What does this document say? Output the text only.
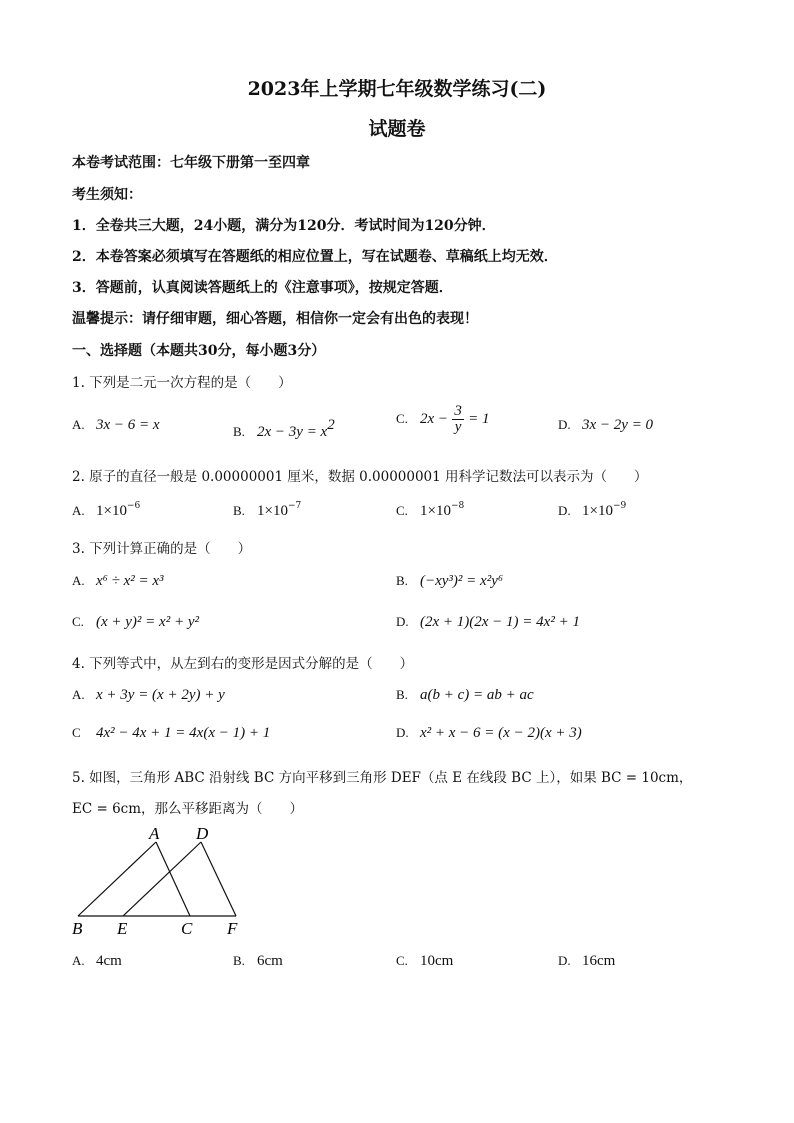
2023年上学期七年级数学练习(二)
试题卷
本卷考试范围：七年级下册第一至四章
考生须知：
1．全卷共三大题，24小题，满分为120分．考试时间为120分钟．
2．本卷答案必须填写在答题纸的相应位置上，写在试题卷、草稿纸上均无效．
3．答题前，认真阅读答题纸上的《注意事项》，按规定答题．
温馨提示：请仔细审题，细心答题，相信你一定会有出色的表现！
一、选择题（本题共30分，每小题3分）
1. 下列是二元一次方程的是（　　）
A. 3x − 6 = x	B. $2x - 3y = x^2$	C. $2x - \frac{3}{y} = 1$	D. 3x − 2y = 0
2. 原子的直径一般是 0.00000001 厘米，数据 0.00000001 用科学记数法可以表示为（　　）
A. $1\times 10^{-6}$	B. $1\times 10^{-7}$	C. $1\times 10^{-8}$	D. $1\times 10^{-9}$
3. 下列计算正确的是（　　）
A. x⁶ ÷ x² = x³	B. (−xy³)² = x²y⁶
C. (x + y)² = x² + y²	D. (2x + 1)(2x − 1) = 4x² + 1
4. 下列等式中，从左到右的变形是因式分解的是（　　）
A. x + 3y = (x + 2y) + y	B. a(b + c) = ab + ac
C 4x² − 4x + 1 = 4x(x − 1) + 1	D. x² + x − 6 = (x − 2)(x + 3)
5. 如图，三角形 ABC 沿射线 BC 方向平移到三角形 DEF（点 E 在线段 BC 上），如果 BC = 10cm，
EC = 6cm，那么平移距离为（　　）
A D
B E	C F
A. 4cm	B. 6cm	C. 10cm	D. 16cm
